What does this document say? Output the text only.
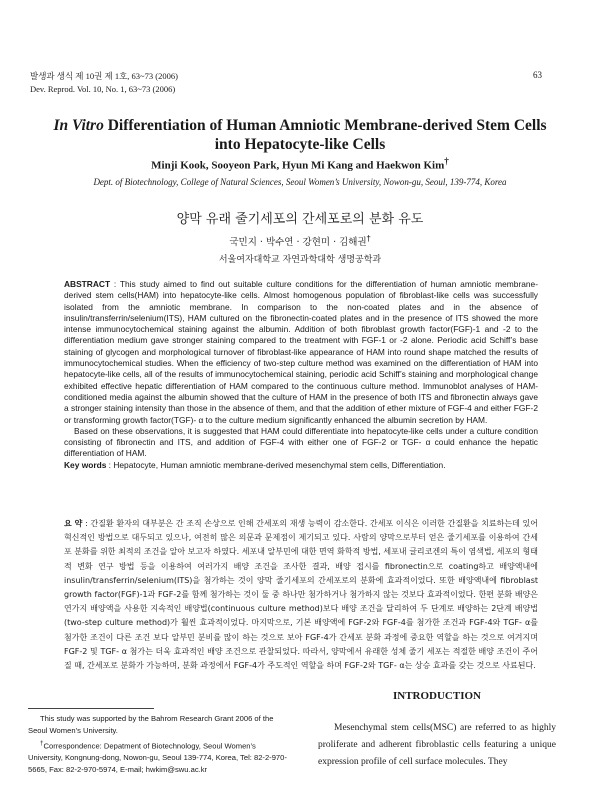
발생과 생식 제 10권 제 1호, 63~73 (2006)
Dev. Reprod. Vol. 10, No. 1, 63~73 (2006)
63
In Vitro Differentiation of Human Amniotic Membrane-derived Stem Cells
into Hepatocyte-like Cells
Minji Kook, Sooyeon Park, Hyun Mi Kang and Haekwon Kim†
Dept. of Biotechnology, College of Natural Sciences, Seoul Women’s University, Nowon-gu, Seoul, 139-774, Korea
양막 유래 줄기세포의 간세포로의 분화 유도
국민지 · 박수연 · 강현미 · 김해권†
서울여자대학교 자연과학대학 생명공학과

ABSTRACT : This study aimed to find out suitable culture conditions for the differentiation of human amniotic membrane-derived stem cells(HAM) into hepatocyte-like cells. Almost homogenous population of fibroblast-like cells was successfully isolated from the amniotic membrane. In comparison to the non-coated plates and in the absence of insulin/transferrin/selenium(ITS), HAM cultured on the fibronectin-coated plates and in the presence of ITS showed the more intense immunocytochemical staining against the albumin. Addition of both fibroblast growth factor(FGF)-1 and -2 to the differentiation medium gave stronger staining compared to the treatment with FGF-1 or -2 alone. Periodic acid Schiff’s base staining of glycogen and morphological turnover of fibroblast-like appearance of HAM into round shape matched the results of immunocytochemical studies. When the efficiency of two-step culture method was examined on the differentiation of HAM into hepatocyte-like cells, all of the results of immunocytochemical staining, periodic acid Schiff’s staining and morphological change exhibited effective hepatic differentiation of HAM compared to the continuous culture method. Immunoblot analyses of HAM- conditioned media against the albumin showed that the culture of HAM in the presence of both ITS and fibronectin always gave a stronger staining intensity than those in the absence of them, and that the addition of ether mixture of FGF-4 and either FGF-2 or transforming growth factor(TGF)- α to the culture medium significantly enhanced the albumin secretion by HAM.

Based on these observations, it is suggested that HAM could differentiate into hepatocyte-like cells under a culture condition consisting of fibronectin and ITS, and addition of FGF-4 with either one of FGF-2 or TGF- α could enhance the hepatic differentiation of HAM.

Key words : Hepatocyte, Human amniotic membrane-derived mesenchymal stem cells, Differentiation.

요 약 : 간질환 환자의 대부분은 간 조직 손상으로 인해 간세포의 재생 능력이 감소한다. 간세포 이식은 이러한 간질환을 치료하는데 있어 혁신적인 방법으로 대두되고 있으나, 여전히 많은 의문과 문제점이 제기되고 있다. 사람의 양막으로부터 얻은 줄기세포를 이용하여 간세포 분화를 위한 최적의 조건을 알아 보고자 하였다. 세포내 알부민에 대한 면역 화학적 방법, 세포내 글리코겐의 특이 염색법, 세포의 형태적 변화 연구 방법 등을 이용하여 여러가지 배양 조건을 조사한 결과, 배양 접시를 fibronectin으로 coating하고 배양액내에 insulin/transferrin/selenium(ITS)을 첨가하는 것이 양막 줄기세포의 간세포로의 분화에 효과적이었다. 또한 배양액내에 fibroblast growth factor(FGF)-1과 FGF-2를 함께 첨가하는 것이 둘 중 하나만 첨가하거나 첨가하지 않는 것보다 효과적이었다. 한편 분화 배양은 연가지 배양액을 사용한 지속적인 배양법(continuous culture method)보다 배양 조건을 달리하여 두 단계로 배양하는 2단계 배양법(two-step culture method)가 훨씬 효과적이었다. 마지막으로, 기본 배양액에 FGF-2와 FGF-4를 첨가한 조건과 FGF-4와 TGF- α를 첨가한 조건이 다른 조건 보다 알부민 분비를 많이 하는 것으로 보아 FGF-4가 간세포 분화 과정에 중요한 역할을 하는 것으로 여겨지며 FGF-2 및 TGF- α 첨가는 더욱 효과적인 배양 조건으로 관찰되었다. 따라서, 양막에서 유래한 성체 줄기 세포는 적절한 배양 조건이 주어질 때, 간세포로 분화가 가능하며, 분화 과정에서 FGF-4가 주도적인 역할을 하며 FGF-2와 TGF- α는 상승 효과를 갖는 것으로 사료된다.

This study was supported by the Bahrom Research Grant 2006 of the Seoul Women’s University.

†Correspondence: Depatment of Biotechnology, Seoul Women’s University, Kongnung-dong, Nowon-gu, Seoul 139-774, Korea, Tel: 82-2-970-5665, Fax: 82-2-970-5974, E-mail; hwkim@swu.ac.kr

INTRODUCTION

Mesenchymal stem cells(MSC) are referred to as highly proliferate and adherent fibroblastic cells featuring a unique expression profile of cell surface molecules. They
